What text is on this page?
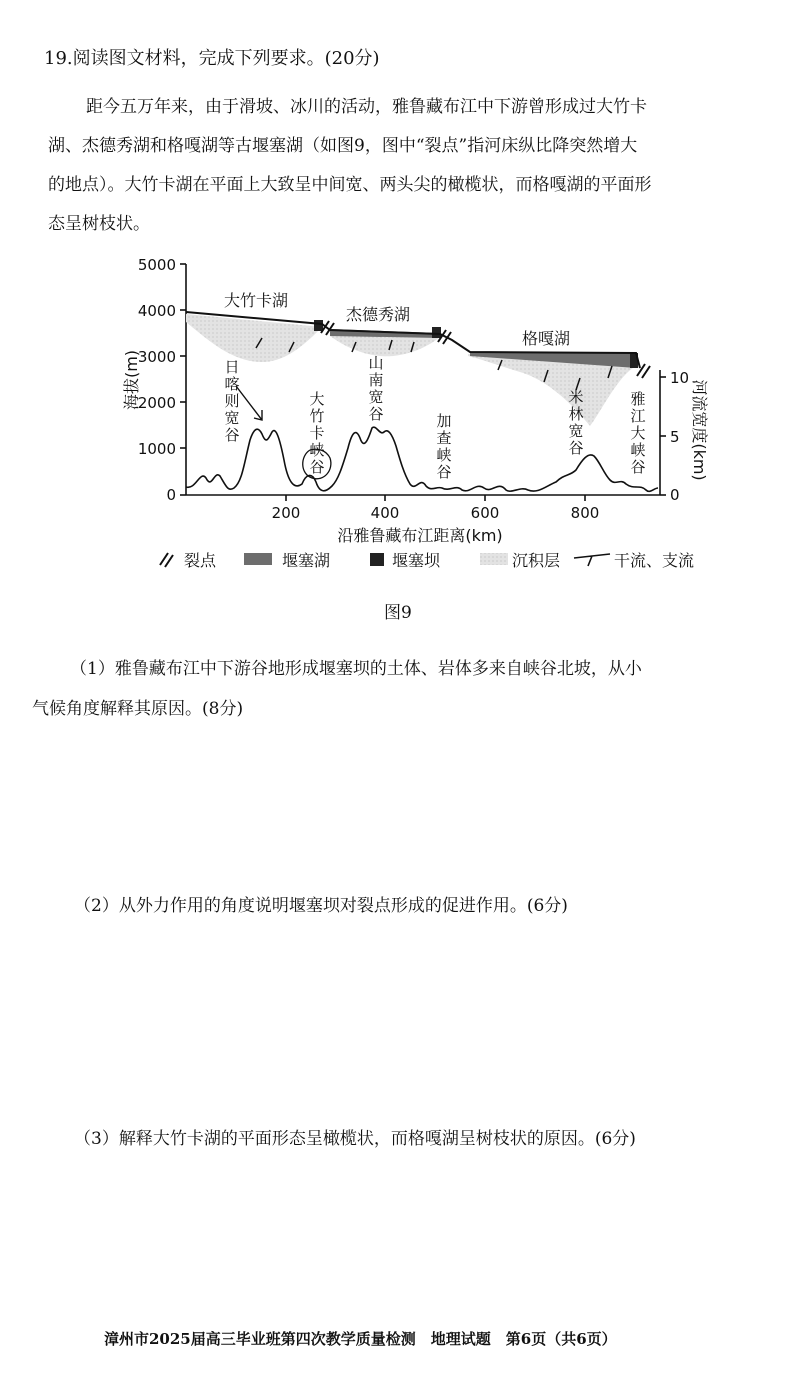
19.阅读图文材料，完成下列要求。(20分)
距今五万年来，由于滑坡、冰川的活动，雅鲁藏布江中下游曾形成过大竹卡
湖、杰德秀湖和格嘎湖等古堰塞湖（如图9，图中“裂点”指河床纵比降突然增大
的地点）。大竹卡湖在平面上大致呈中间宽、两头尖的橄榄状，而格嘎湖的平面形
态呈树枝状。
5000
4000
3000
2000
1000
0
200	400	600	800
10
5
0
海拔(m)	河流宽度(km)
沿雅鲁藏布江距离(km)
大竹卡湖
杰德秀湖
格嘎湖
日喀则宽谷
大竹卡峡谷
山南宽谷	加查峡谷
米林宽谷
雅江大峡谷
裂点	堰塞湖	堰塞坝	沉积层	干流、支流
图9
（1）雅鲁藏布江中下游谷地形成堰塞坝的土体、岩体多来自峡谷北坡，从小
气候角度解释其原因。(8分)
（2）从外力作用的角度说明堰塞坝对裂点形成的促进作用。(6分)
（3）解释大竹卡湖的平面形态呈橄榄状，而格嘎湖呈树枝状的原因。(6分)
漳州市2025届高三毕业班第四次教学质量检测　地理试题　第6页（共6页）
